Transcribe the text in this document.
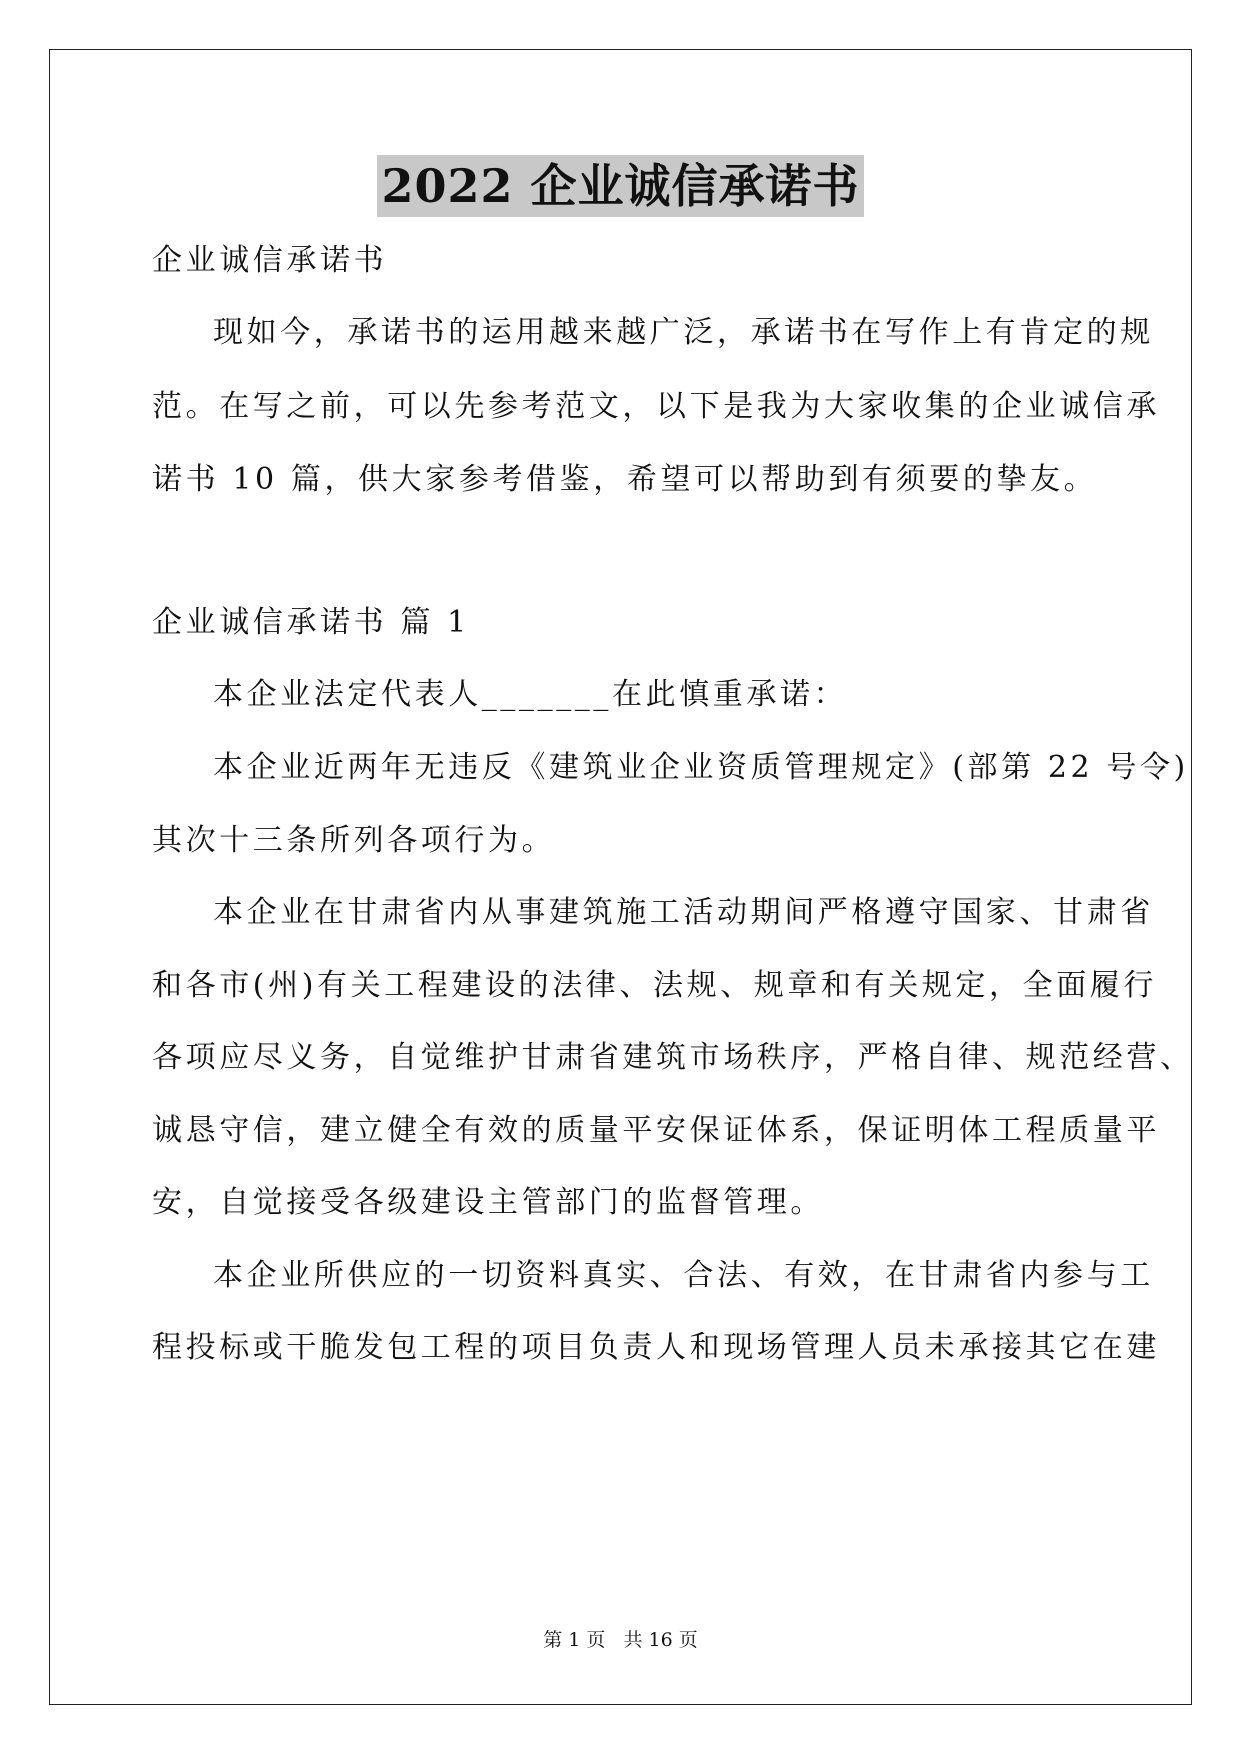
2022 企业诚信承诺书
企业诚信承诺书
现如今，承诺书的运用越来越广泛，承诺书在写作上有肯定的规
范。在写之前，可以先参考范文，以下是我为大家收集的企业诚信承
诺书 10 篇，供大家参考借鉴，希望可以帮助到有须要的挚友。
企业诚信承诺书 篇 1
本企业法定代表人_______在此慎重承诺：
本企业近两年无违反《建筑业企业资质管理规定》(部第 22 号令)
其次十三条所列各项行为。
本企业在甘肃省内从事建筑施工活动期间严格遵守国家、甘肃省
和各市(州)有关工程建设的法律、法规、规章和有关规定，全面履行
各项应尽义务，自觉维护甘肃省建筑市场秩序，严格自律、规范经营、
诚恳守信，建立健全有效的质量平安保证体系，保证明体工程质量平
安，自觉接受各级建设主管部门的监督管理。
本企业所供应的一切资料真实、合法、有效，在甘肃省内参与工
程投标或干脆发包工程的项目负责人和现场管理人员未承接其它在建
第 1 页 共 16 页
